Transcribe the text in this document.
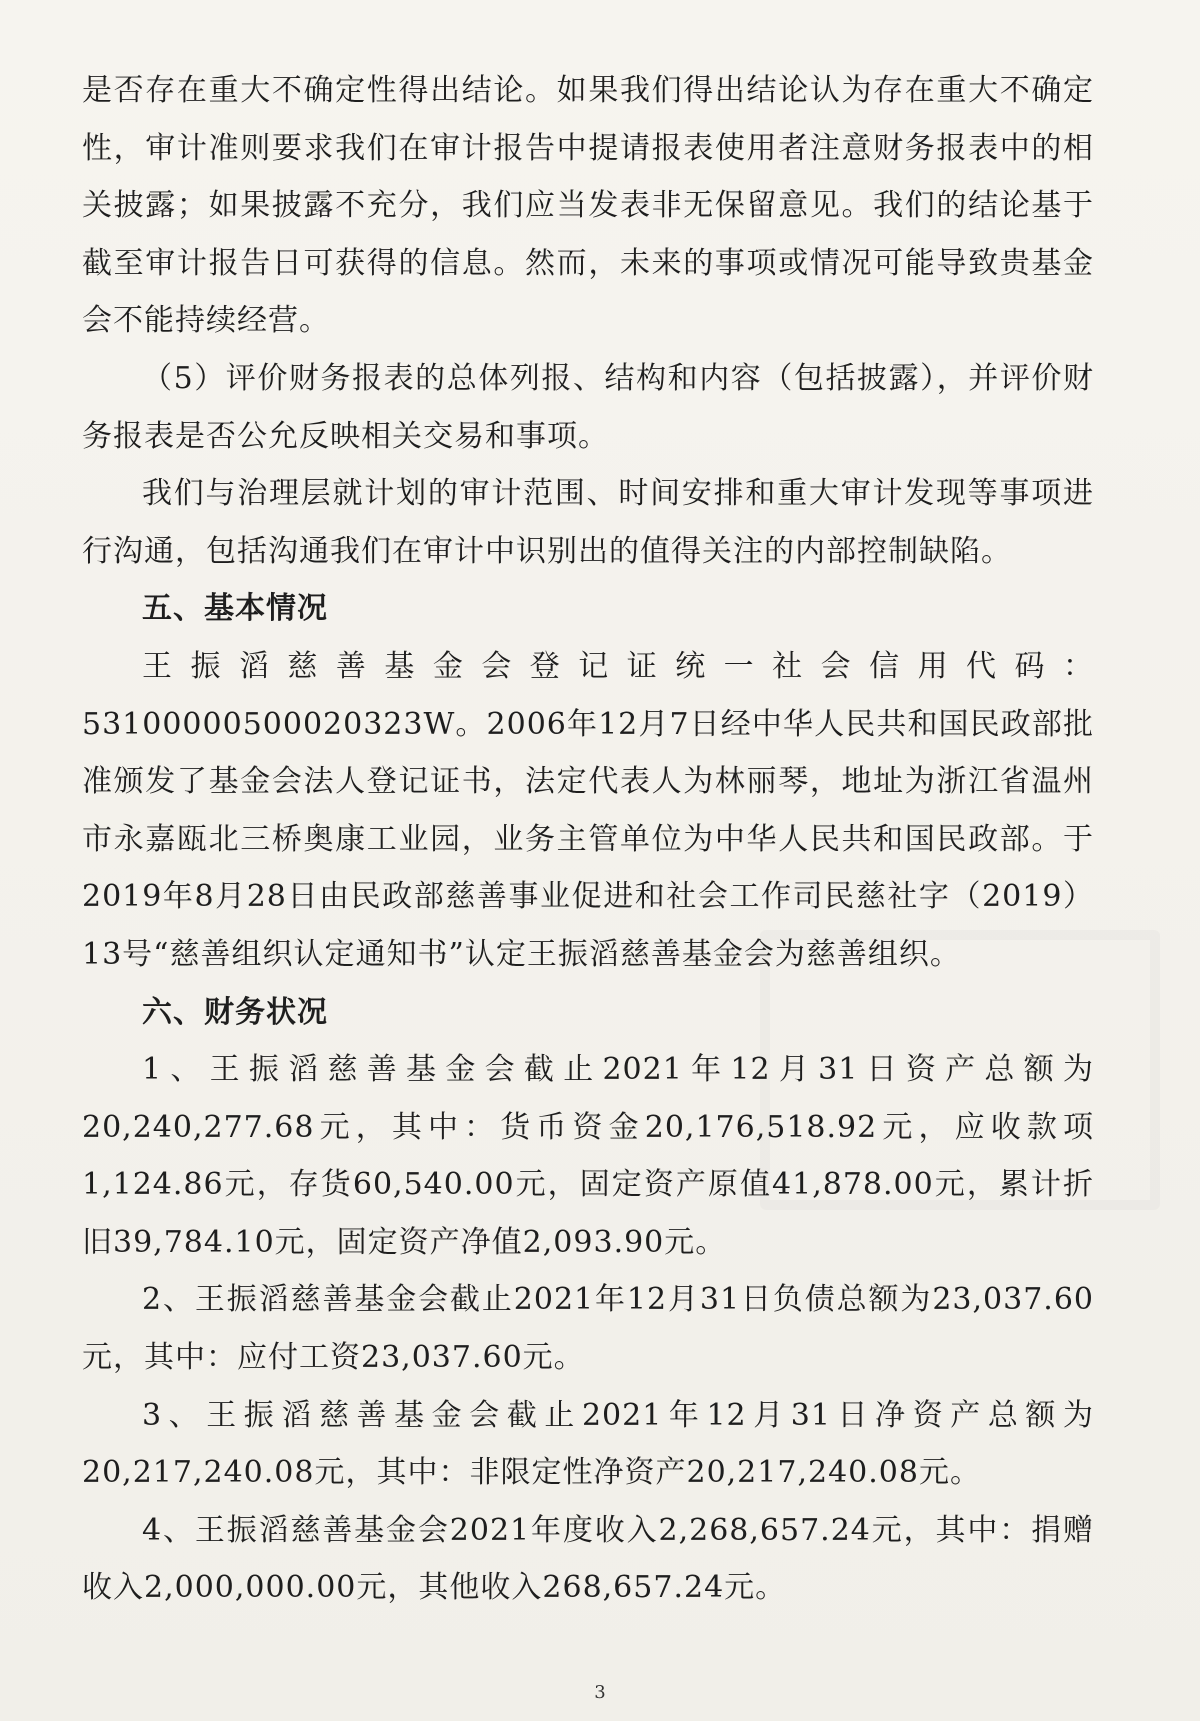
是否存在重大不确定性得出结论。如果我们得出结论认为存在重大不确定性，审计准则要求我们在审计报告中提请报表使用者注意财务报表中的相关披露；如果披露不充分，我们应当发表非无保留意见。我们的结论基于截至审计报告日可获得的信息。然而，未来的事项或情况可能导致贵基金会不能持续经营。

（5）评价财务报表的总体列报、结构和内容（包括披露），并评价财务报表是否公允反映相关交易和事项。

我们与治理层就计划的审计范围、时间安排和重大审计发现等事项进行沟通，包括沟通我们在审计中识别出的值得关注的内部控制缺陷。

五、基本情况

王振滔慈善基金会登记证统一社会信用代码：53100000500020323W。2006年12月7日经中华人民共和国民政部批准颁发了基金会法人登记证书，法定代表人为林丽琴，地址为浙江省温州市永嘉瓯北三桥奥康工业园，业务主管单位为中华人民共和国民政部。于2019年8月28日由民政部慈善事业促进和社会工作司民慈社字（2019）13号“慈善组织认定通知书”认定王振滔慈善基金会为慈善组织。

六、财务状况

1、王振滔慈善基金会截止2021年12月31日资产总额为20,240,277.68元，其中：货币资金20,176,518.92元，应收款项1,124.86元，存货60,540.00元，固定资产原值41,878.00元，累计折旧39,784.10元，固定资产净值2,093.90元。

2、王振滔慈善基金会截止2021年12月31日负债总额为23,037.60元，其中：应付工资23,037.60元。

3、王振滔慈善基金会截止2021年12月31日净资产总额为20,217,240.08元，其中：非限定性净资产20,217,240.08元。

4、王振滔慈善基金会2021年度收入2,268,657.24元，其中：捐赠收入2,000,000.00元，其他收入268,657.24元。

3
